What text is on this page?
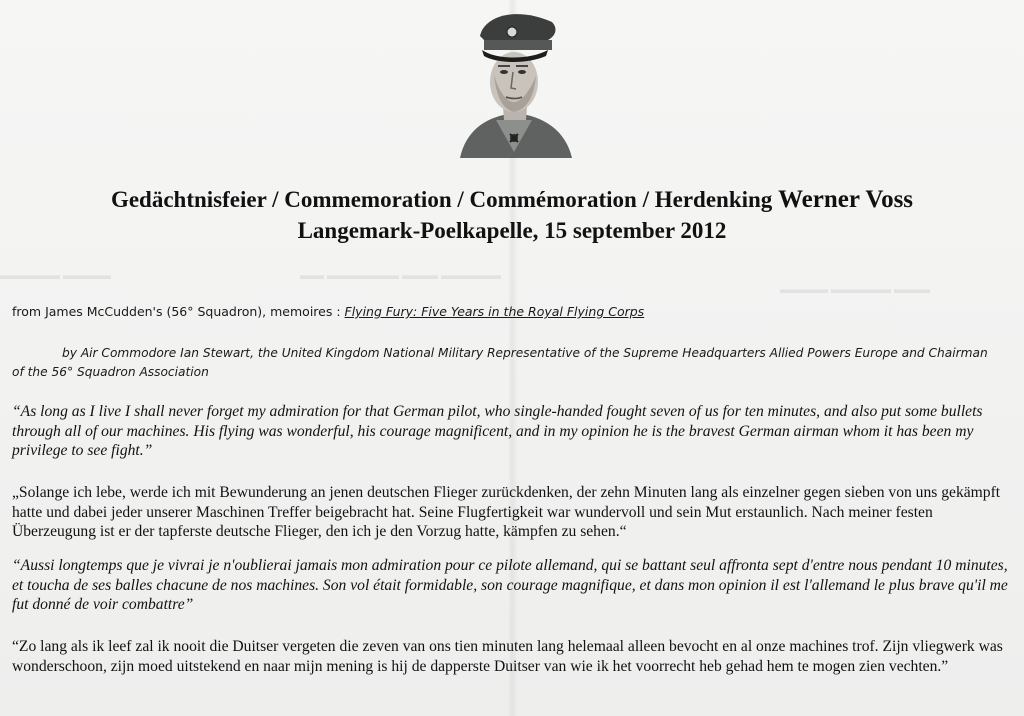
▬▬▬▬▬ ▬▬▬ ▬▬▬▬▬▬ ▬▬
▬▬▬ ▬▬▬▬▬ ▬▬▬▬
▬▬▬▬ ▬▬▬▬▬
Gedächtnisfeier / Commemoration / Commémoration / Herdenking Werner Voss
Langemark-Poelkapelle, 15 september 2012

from James McCudden's (56° Squadron), memoires : Flying Fury: Five Years in the Royal Flying Corps

by Air Commodore Ian Stewart, the United Kingdom National Military Representative of the Supreme Headquarters Allied Powers Europe and Chairman of the 56° Squadron Association

“As long as I live I shall never forget my admiration for that German pilot, who single-handed fought seven of us for ten minutes, and also put some bullets through all of our machines. His flying was wonderful, his courage magnificent, and in my opinion he is the bravest German airman whom it has been my privilege to see fight.”

„Solange ich lebe, werde ich mit Bewunderung an jenen deutschen Flieger zurückdenken, der zehn Minuten lang als einzelner gegen sieben von uns gekämpft hatte und dabei jeder unserer Maschinen Treffer beigebracht hat. Seine Flugfertigkeit war wundervoll und sein Mut erstaunlich. Nach meiner festen Überzeugung ist er der tapferste deutsche Flieger, den ich je den Vorzug hatte, kämpfen zu sehen.“

“Aussi longtemps que je vivrai je n'oublierai jamais mon admiration pour ce pilote allemand, qui se battant seul affronta sept d'entre nous pendant 10 minutes, et toucha de ses balles chacune de nos machines. Son vol était formidable, son courage magnifique, et dans mon opinion il est l'allemand le plus brave qu'il me fut donné de voir combattre”

“Zo lang als ik leef zal ik nooit die Duitser vergeten die zeven van ons tien minuten lang helemaal alleen bevocht en al onze machines trof. Zijn vliegwerk was wonderschoon, zijn moed uitstekend en naar mijn mening is hij de dapperste Duitser van wie ik het voorrecht heb gehad hem te mogen zien vechten.”
